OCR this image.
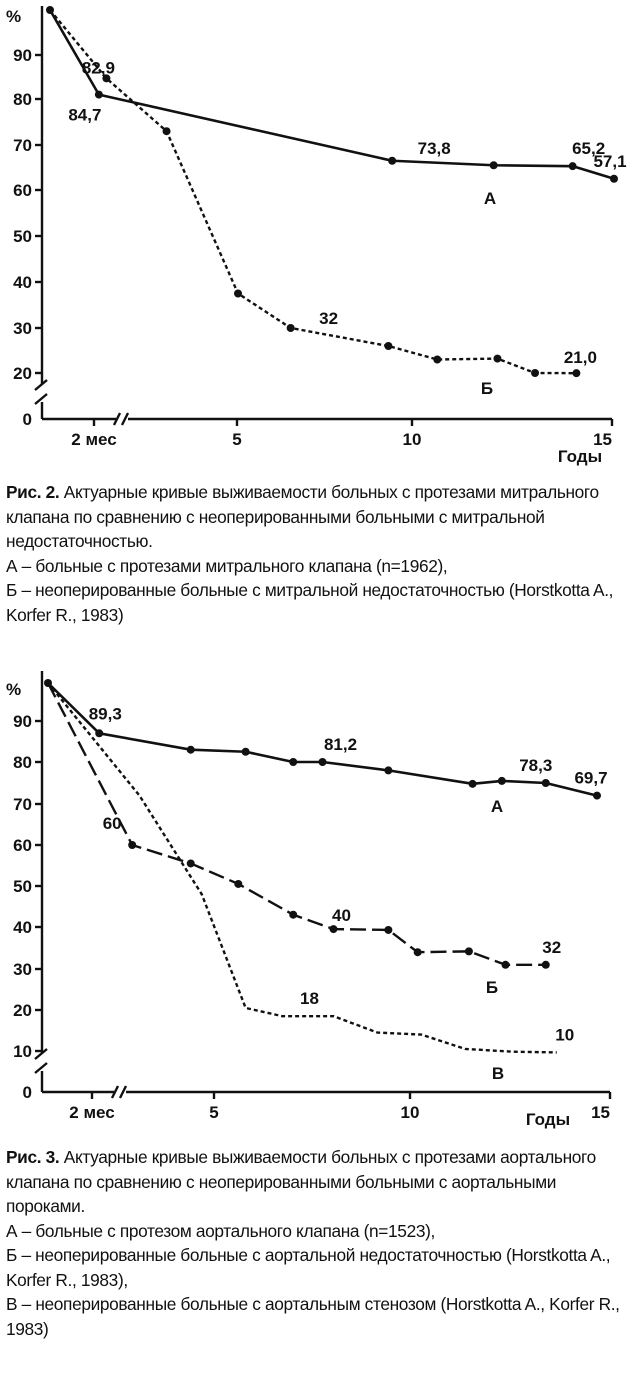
0
20
30
40
50
60
70
80
90
%
2 мес	5	10	15
Годы
84,7
73,8	65,2
57,1
А
82,9
32
21,0
Б

Рис. 2. Актуарные кривые выживаемости больных с протезами митрального клапана по сравнению с неоперированными больными с митральной недостаточностью.

А – больные с протезами митрального клапана (n=1962),

Б – неоперированные больные с митральной недостаточностью (Horstkotta A., Korfer R., 1983)

0
10
20
30
40
50
60
70
80
90
%
2 мес	5	10	15
Годы
89,3
81,2
78,3
69,7
А
60
40
32
Б
18
10
В

Рис. 3. Актуарные кривые выживаемости больных с протезами аортального клапана по сравнению с неоперированными больными с аортальными пороками.

А – больные с протезом аортального клапана (n=1523),

Б – неоперированные больные с аортальной недостаточностью (Horstkotta A., Korfer R., 1983),

В – неоперированные больные с аортальным стенозом (Horstkotta A., Korfer R., 1983)
